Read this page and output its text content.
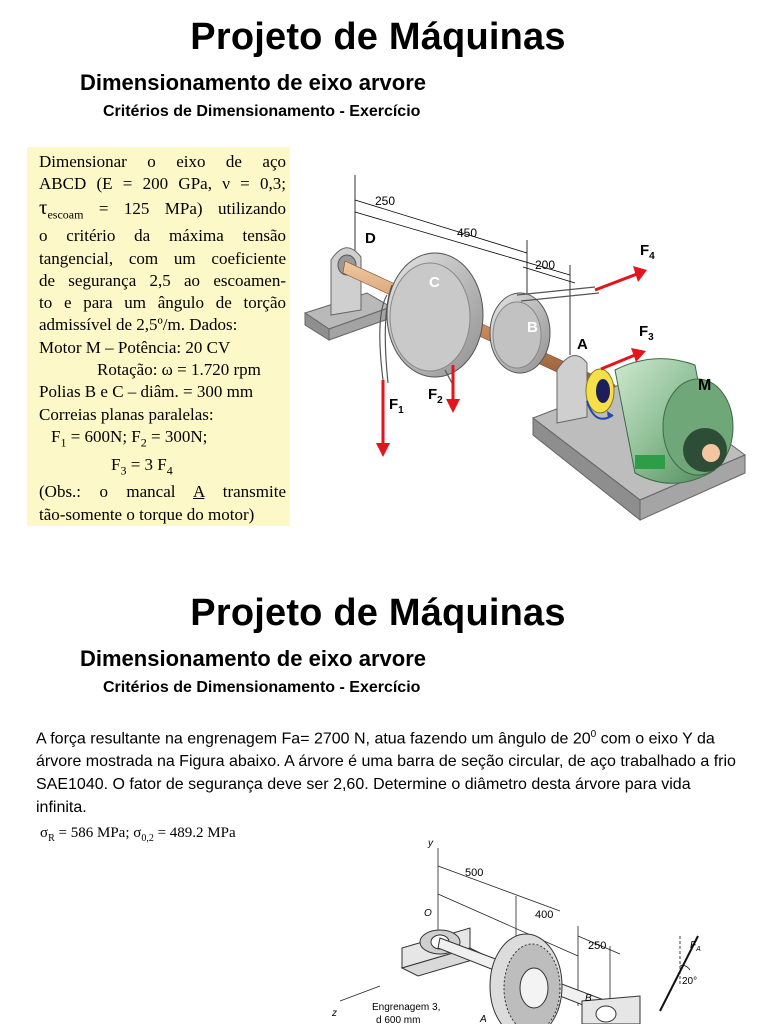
Projeto de Máquinas
Dimensionamento de eixo arvore
Critérios de Dimensionamento - Exercício
Dimensionar o eixo de aço
ABCD (E = 200 GPa, ν = 0,3;
$\tau_{escoam} = 125$ MPa) utilizando
o critério da máxima tensão
tangencial, com um coeficiente
de segurança 2,5 ao escoamen-
to e para um ângulo de torção
admissível de 2,5º/m. Dados:
Motor M – Potência: 20 CV
Rotação: ω = 1.720 rpm
Polias B e C – diâm. = 300 mm
Correias planas paralelas:
$F_1 = 600N$; $F_2 = 300N$;
$F_3 = 3$ $F_4$
(Obs.: o mancal A transmite
tão-somente o torque do motor)
250
450
200
D
C
B
A
M
$F_1$
$F_2$
$F_3$
$F_4$
Projeto de Máquinas
Dimensionamento de eixo arvore
Critérios de Dimensionamento - Exercício
A força resultante na engrenagem Fa= 2700 N, atua fazendo um ângulo de $20^0$ com o eixo Y da árvore mostrada na Figura abaixo. A árvore é uma barra de seção circular, de aço trabalhado a frio SAE1040. O fator de segurança deve ser 2,60. Determine o diâmetro desta árvore para vida infinita.
$\sigma_R = 586$ MPa; $\sigma_{0,2} = 489.2$ MPa
y
z
O
500
400
250
B
A
20°
$F_A$
Engrenagem 3,
d 600 mm
